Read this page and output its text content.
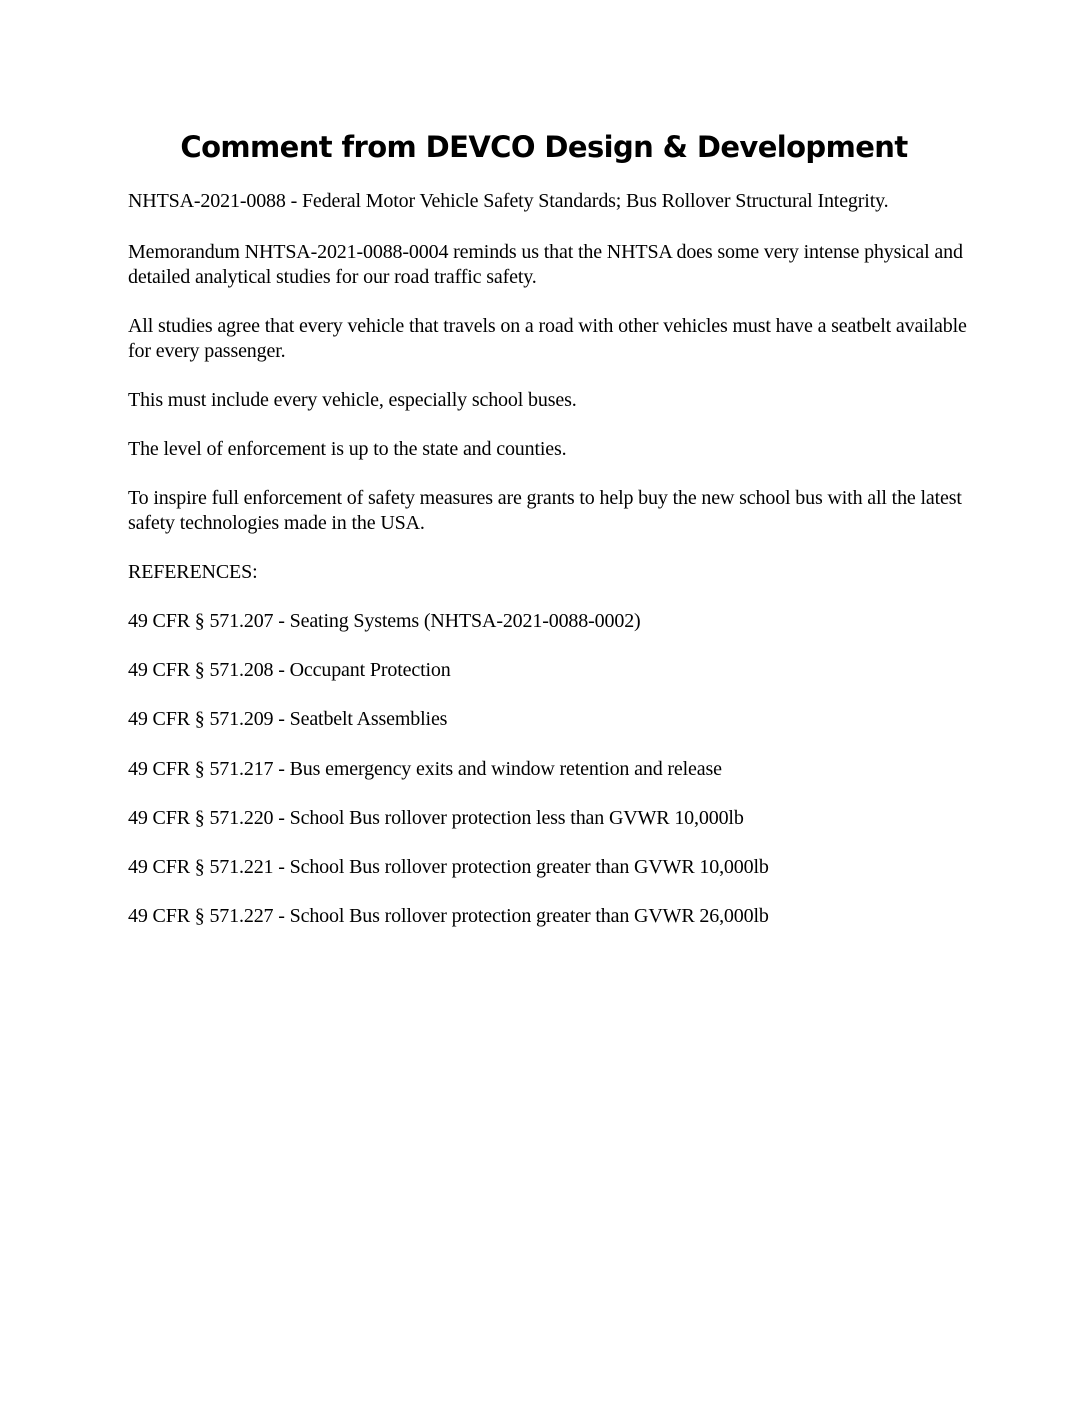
Comment from DEVCO Design & Development

NHTSA-2021-0088 - Federal Motor Vehicle Safety Standards; Bus Rollover Structural Integrity.

Memorandum NHTSA-2021-0088-0004 reminds us that the NHTSA does some very intense physical and detailed analytical studies for our road traffic safety.

All studies agree that every vehicle that travels on a road with other vehicles must have a seatbelt available for every passenger.

This must include every vehicle, especially school buses.

The level of enforcement is up to the state and counties.

To inspire full enforcement of safety measures are grants to help buy the new school bus with all the latest safety technologies made in the USA.

REFERENCES:

49 CFR § 571.207 - Seating Systems (NHTSA-2021-0088-0002)

49 CFR § 571.208 - Occupant Protection

49 CFR § 571.209 - Seatbelt Assemblies

49 CFR § 571.217 - Bus emergency exits and window retention and release

49 CFR § 571.220 - School Bus rollover protection less than GVWR 10,000lb

49 CFR § 571.221 - School Bus rollover protection greater than GVWR 10,000lb

49 CFR § 571.227 - School Bus rollover protection greater than GVWR 26,000lb
